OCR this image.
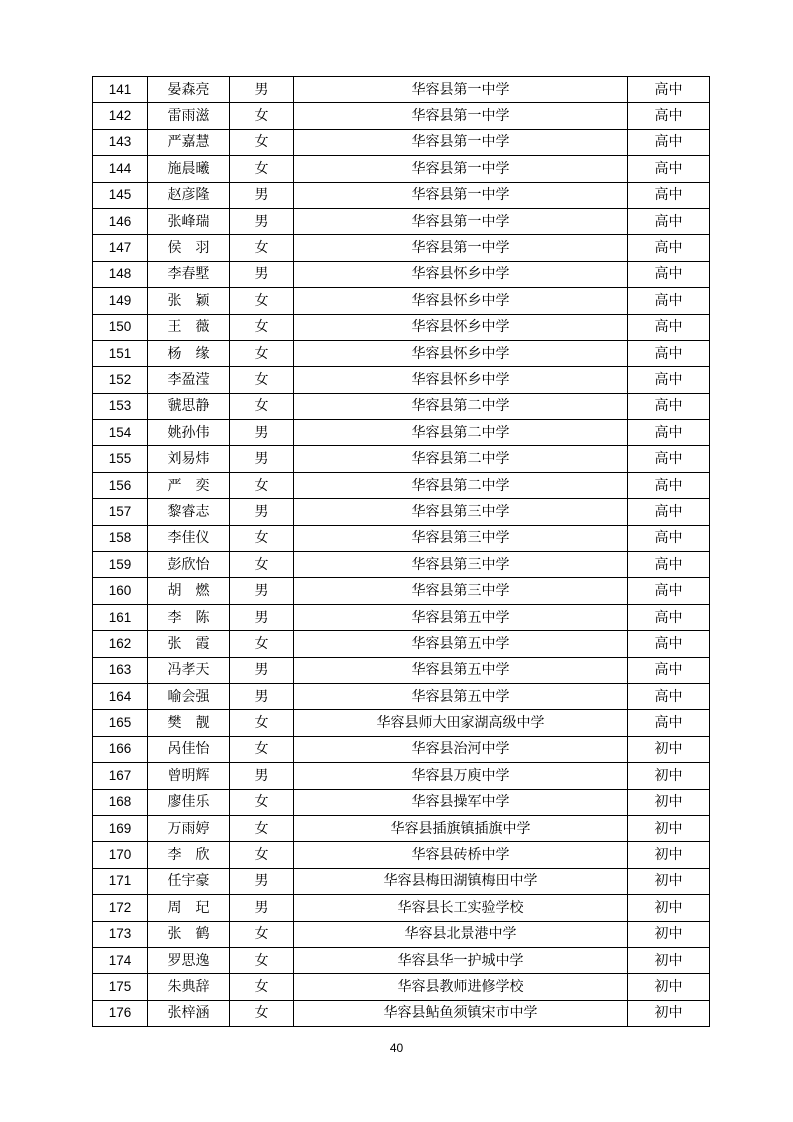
141	晏森亮	男	华容县第一中学	高中
142	雷雨滋	女	华容县第一中学	高中
143	严嘉慧	女	华容县第一中学	高中
144	施晨曦	女	华容县第一中学	高中
145	赵彦隆	男	华容县第一中学	高中
146	张峰瑞	男	华容县第一中学	高中
147	侯　羽	女	华容县第一中学	高中
148	李春墅	男	华容县怀乡中学	高中
149	张　颖	女	华容县怀乡中学	高中
150	王　薇	女	华容县怀乡中学	高中
151	杨　缘	女	华容县怀乡中学	高中
152	李盈滢	女	华容县怀乡中学	高中
153	虢思静	女	华容县第二中学	高中
154	姚孙伟	男	华容县第二中学	高中
155	刘易炜	男	华容县第二中学	高中
156	严　奕	女	华容县第二中学	高中
157	黎睿志	男	华容县第三中学	高中
158	李佳仪	女	华容县第三中学	高中
159	彭欣怡	女	华容县第三中学	高中
160	胡　燃	男	华容县第三中学	高中
161	李　陈	男	华容县第五中学	高中
162	张　霞	女	华容县第五中学	高中
163	冯孝天	男	华容县第五中学	高中
164	喻会强	男	华容县第五中学	高中
165	樊　靓	女	华容县师大田家湖高级中学	高中
166	呙佳怡	女	华容县治河中学	初中
167	曾明辉	男	华容县万庾中学	初中
168	廖佳乐	女	华容县操军中学	初中
169	万雨婷	女	华容县插旗镇插旗中学	初中
170	李　欣	女	华容县砖桥中学	初中
171	任宇豪	男	华容县梅田湖镇梅田中学	初中
172	周　玘	男	华容县长工实验学校	初中
173	张　鹤	女	华容县北景港中学	初中
174	罗思逸	女	华容县华一护城中学	初中
175	朱典辞	女	华容县教师进修学校	初中
176	张梓涵	女	华容县鲇鱼须镇宋市中学	初中
40
